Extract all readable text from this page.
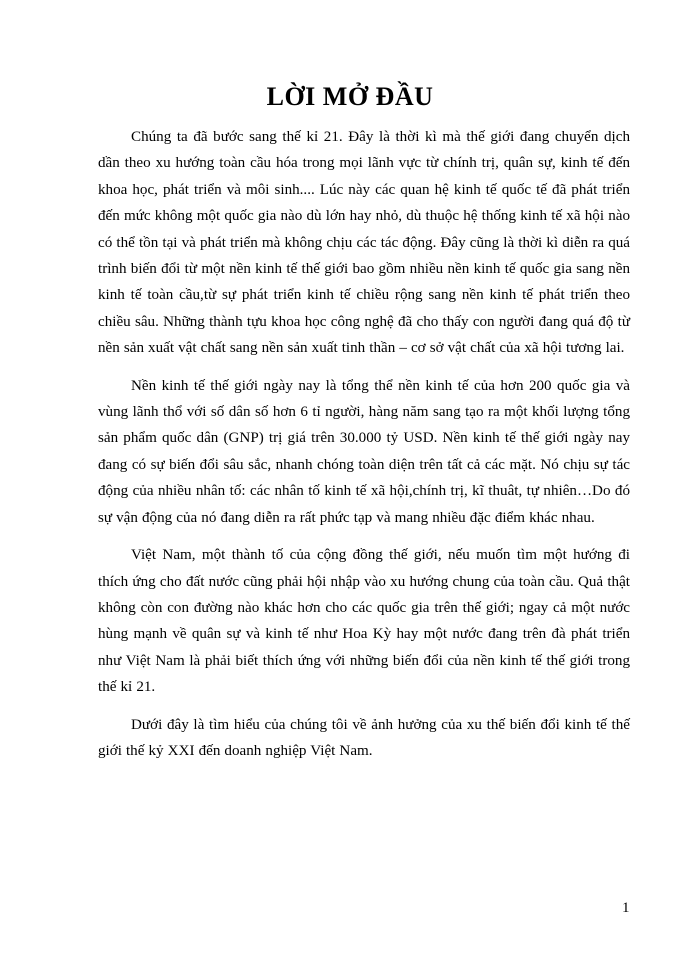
LỜI MỞ ĐẦU

Chúng ta đã bước sang thế kỉ 21. Đây là thời kì mà thế giới đang chuyển dịch dần theo xu hướng toàn cầu hóa trong mọi lãnh vực từ chính trị, quân sự, kinh tế đến khoa học, phát triển và môi sinh.... Lúc này các quan hệ kinh tế quốc tế đã phát triển đến mức không một quốc gia nào dù lớn hay nhỏ, dù thuộc hệ thống kinh tế xã hội nào có thể tồn tại và phát triển mà không chịu các tác động. Đây cũng là thời kì diễn ra quá trình biến đổi từ một nền kinh tế thế giới bao gồm nhiều nền kinh tế quốc gia sang nền kinh tế toàn cầu,từ sự phát triển kinh tế chiều rộng sang nền kinh tế phát triển theo chiều sâu. Những thành tựu khoa học công nghệ đã cho thấy con người đang quá độ từ nền sản xuất vật chất sang nền sản xuất tinh thần – cơ sở vật chất của xã hội tương lai.

Nền kinh tế thế giới ngày nay là tổng thể nền kinh tế của hơn 200 quốc gia và vùng lãnh thổ với số dân số hơn 6 tỉ người, hàng năm sang tạo ra một khối lượng tổng sản phẩm quốc dân (GNP) trị giá trên 30.000 tỷ USD. Nền kinh tế thế giới ngày nay đang có sự biến đổi sâu sắc, nhanh chóng toàn diện trên tất cả các mặt. Nó chịu sự tác động của nhiều nhân tố: các nhân tố kinh tế xã hội,chính trị, kĩ thuât, tự nhiên…Do đó sự vận động của nó đang diễn ra rất phức tạp và mang nhiều đặc điểm khác nhau.

Việt Nam, một thành tố của cộng đồng thế giới, nếu muốn tìm một hướng đi thích ứng cho đất nước cũng phải hội nhập vào xu hướng chung của toàn cầu. Quả thật không còn con đường nào khác hơn cho các quốc gia trên thế giới; ngay cả một nước hùng mạnh về quân sự và kinh tế như Hoa Kỳ hay một nước đang trên đà phát triển như Việt Nam là phải biết thích ứng với những biến đổi của nền kinh tế thế giới trong thế kỉ 21.

Dưới đây là tìm hiểu của chúng tôi về ảnh hưởng của xu thế biến đổi kinh tế thế giới thế kỷ XXI đến doanh nghiệp Việt Nam.

1
